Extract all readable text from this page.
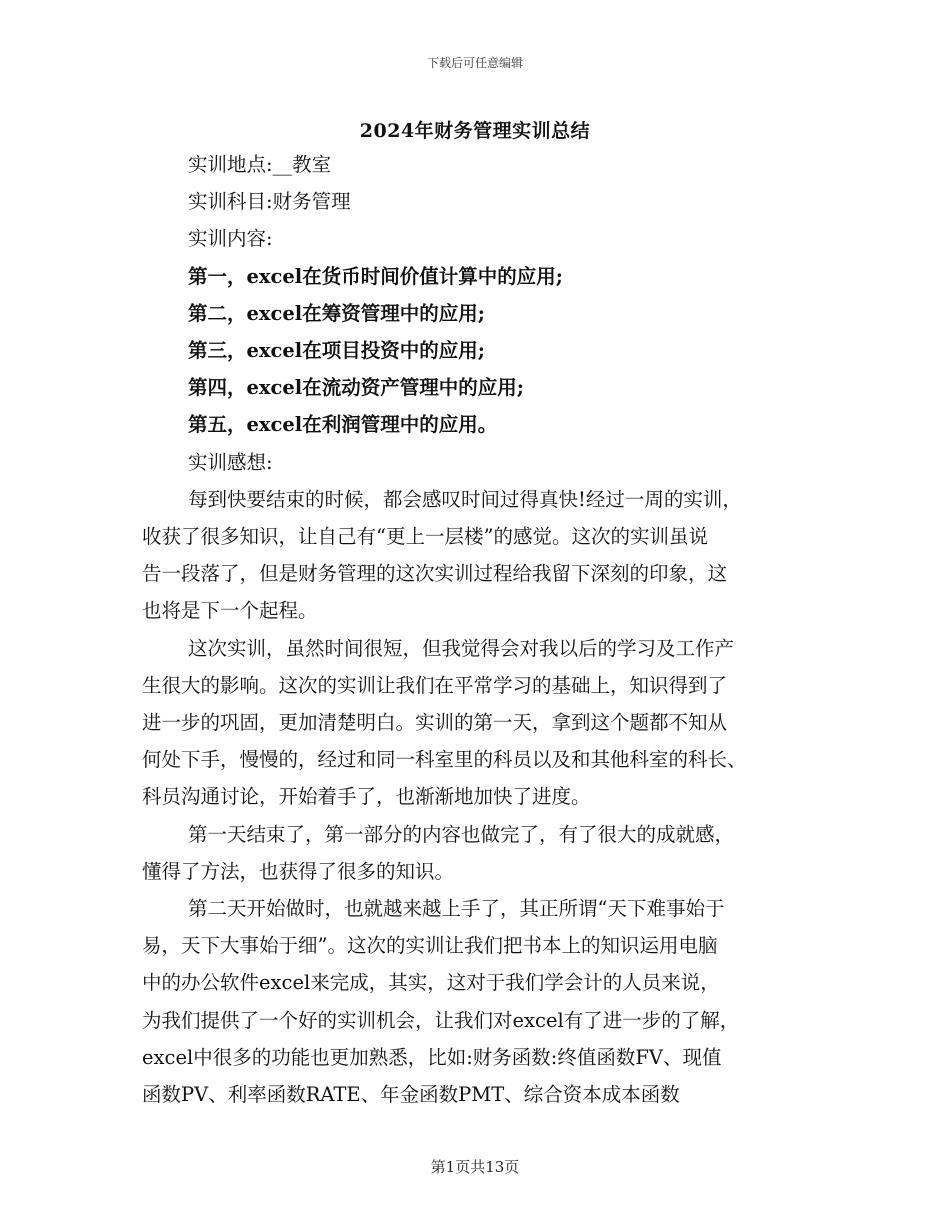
下载后可任意编辑
2024年财务管理实训总结
实训地点:__教室
实训科目:财务管理
实训内容:
第一，excel在货币时间价值计算中的应用;
第二，excel在筹资管理中的应用;
第三，excel在项目投资中的应用;
第四，excel在流动资产管理中的应用;
第五，excel在利润管理中的应用。
实训感想:
每到快要结束的时候，都会感叹时间过得真快!经过一周的实训，
收获了很多知识，让自己有“更上一层楼”的感觉。这次的实训虽说
告一段落了，但是财务管理的这次实训过程给我留下深刻的印象，这
也将是下一个起程。
这次实训，虽然时间很短，但我觉得会对我以后的学习及工作产
生很大的影响。这次的实训让我们在平常学习的基础上，知识得到了
进一步的巩固，更加清楚明白。实训的第一天，拿到这个题都不知从
何处下手，慢慢的，经过和同一科室里的科员以及和其他科室的科长、
科员沟通讨论，开始着手了，也渐渐地加快了进度。
第一天结束了，第一部分的内容也做完了，有了很大的成就感，
懂得了方法，也获得了很多的知识。
第二天开始做时，也就越来越上手了，其正所谓“天下难事始于
易，天下大事始于细”。这次的实训让我们把书本上的知识运用电脑
中的办公软件excel来完成，其实，这对于我们学会计的人员来说，
为我们提供了一个好的实训机会，让我们对excel有了进一步的了解，
excel中很多的功能也更加熟悉，比如:财务函数:终值函数FV、现值
函数PV、利率函数RATE、年金函数PMT、综合资本成本函数
第1页共13页
